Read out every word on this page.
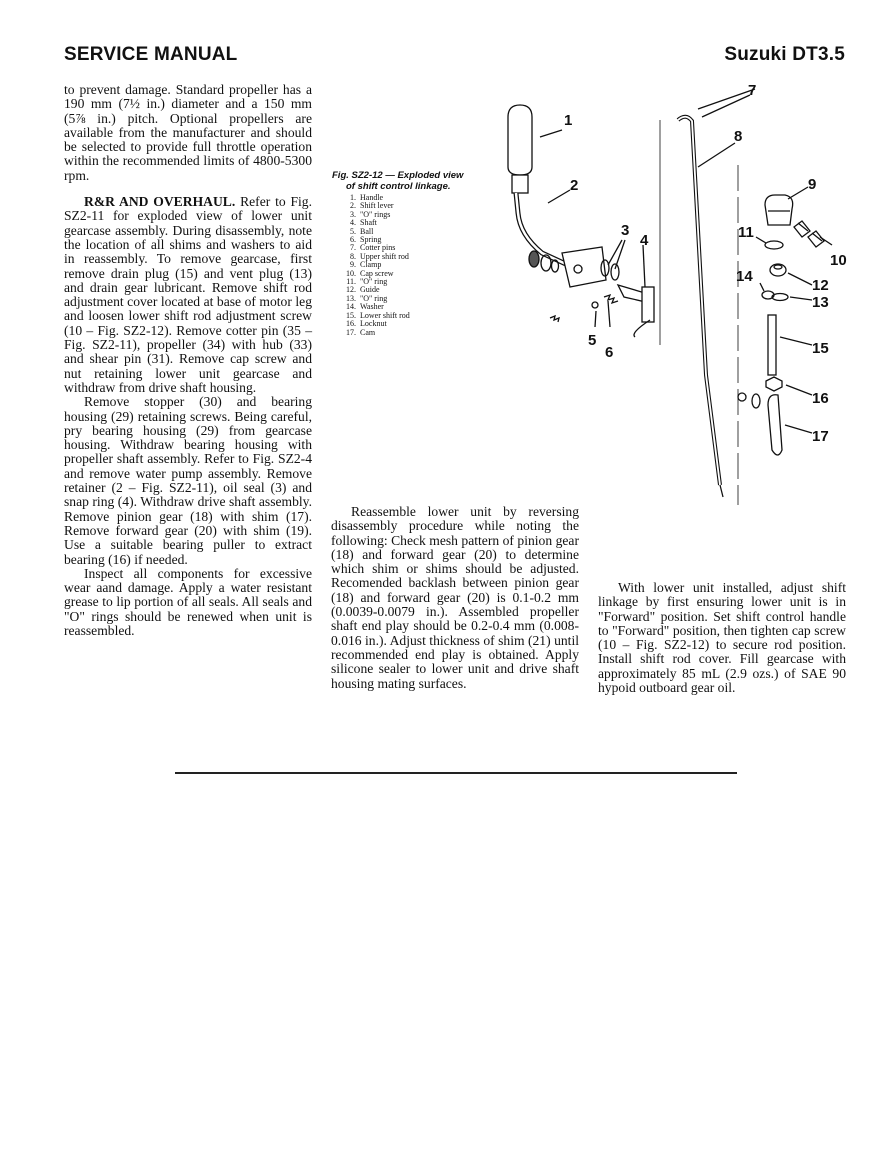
SERVICE MANUAL	Suzuki DT3.5

to prevent damage. Standard propeller has a 190 mm (7½ in.) diameter and a 150 mm (5⅞ in.) pitch. Optional propellers are available from the manufacturer and should be selected to provide full throttle operation within the recommended limits of 4800-5300 rpm.

R&R AND OVERHAUL. Refer to Fig. SZ2-11 for exploded view of lower unit gearcase assembly. During disassembly, note the location of all shims and washers to aid in reassembly. To remove gearcase, first remove drain plug (15) and vent plug (13) and drain gear lubricant. Remove shift rod adjustment cover located at base of motor leg and loosen lower shift rod adjustment screw (10 – Fig. SZ2-12). Remove cotter pin (35 – Fig. SZ2-11), propeller (34) with hub (33) and shear pin (31). Remove cap screw and nut retaining lower unit gearcase and withdraw from drive shaft housing.

Remove stopper (30) and bearing housing (29) retaining screws. Being careful, pry bearing housing (29) from gearcase housing. Withdraw bearing housing with propeller shaft assembly. Refer to Fig. SZ2-4 and remove water pump assembly. Remove retainer (2 – Fig. SZ2-11), oil seal (3) and snap ring (4). Withdraw drive shaft assembly. Remove pinion gear (18) with shim (17). Remove forward gear (20) with shim (19). Use a suitable bearing puller to extract bearing (16) if needed.

Inspect all components for excessive wear aand damage. Apply a water resistant grease to lip portion of all seals. All seals and "O" rings should be renewed when unit is reassembled.

Fig. SZ2-12 — Exploded view
of shift control linkage.
1. Handle
2. Shift lever
3. "O" rings
4. Shaft
5. Ball
6. Spring
7. Cotter pins
8. Upper shift rod
9. Clamp
10. Cap screw
11. "O" ring
12. Guide
13. "O" ring
14. Washer
15. Lower shift rod
16. Locknut
17. Cam
1
2
3
4
5
6
7
8
9
10
11
12
13
14
15
16
17

Reassemble lower unit by reversing disassembly procedure while noting the following: Check mesh pattern of pinion gear (18) and forward gear (20) to determine which shim or shims should be adjusted. Recomended backlash between pinion gear (18) and forward gear (20) is 0.1-0.2 mm (0.0039-0.0079 in.). Assembled propeller shaft end play should be 0.2-0.4 mm (0.008-0.016 in.). Adjust thickness of shim (21) until recommended end play is obtained. Apply silicone sealer to lower unit and drive shaft housing mating surfaces.

With lower unit installed, adjust shift linkage by first ensuring lower unit is in "Forward" position. Set shift control handle to "Forward" position, then tighten cap screw (10 – Fig. SZ2-12) to secure rod position. Install shift rod cover. Fill gearcase with approximately 85 mL (2.9 ozs.) of SAE 90 hypoid outboard gear oil.
